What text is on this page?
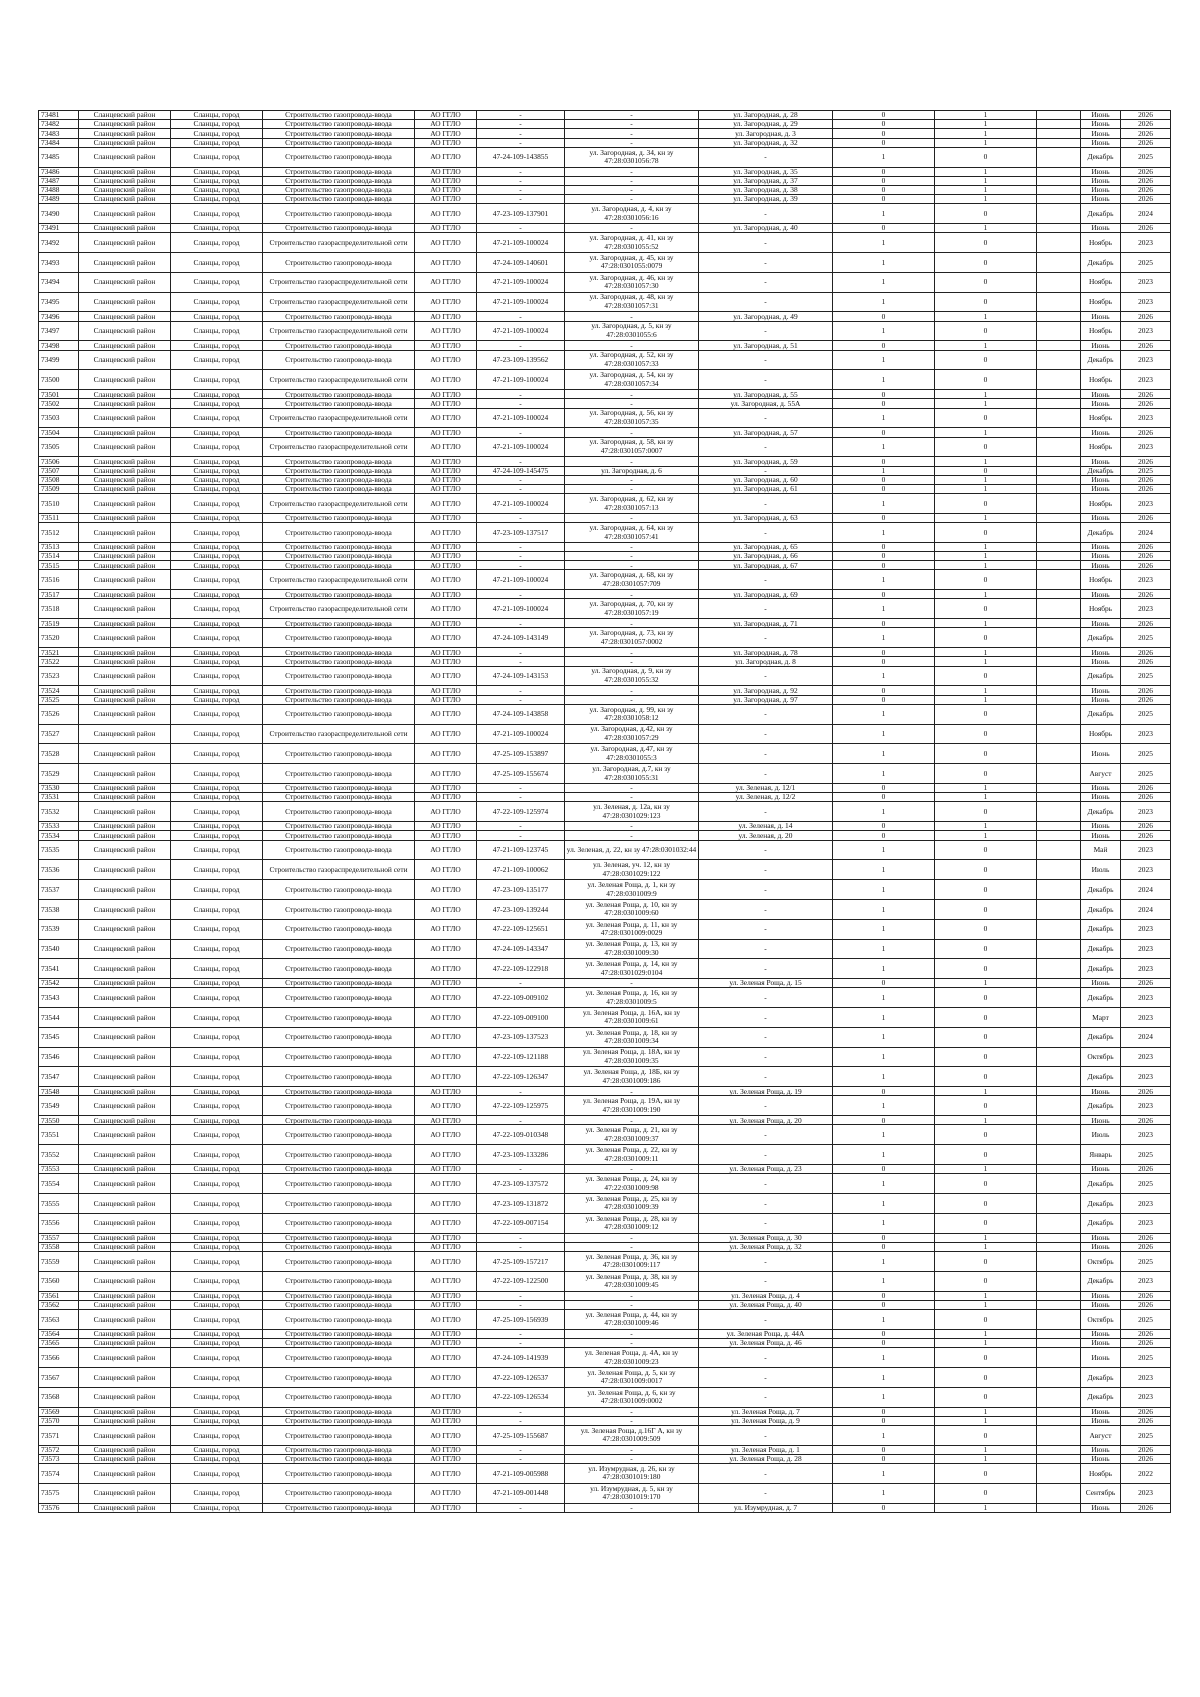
73481	Сланцевский район	Сланцы, город	Строительство газопровода-ввода	АО ГГЛО	-	-	ул. Загородная, д. 28	0	1		Июнь	2026
73482	Сланцевский район	Сланцы, город	Строительство газопровода-ввода	АО ГГЛО	-	-	ул. Загородная, д. 29	0	1		Июнь	2026
73483	Сланцевский район	Сланцы, город	Строительство газопровода-ввода	АО ГГЛО	-	-	ул. Загородная, д. 3	0	1		Июнь	2026
73484	Сланцевский район	Сланцы, город	Строительство газопровода-ввода	АО ГГЛО	-	-	ул. Загородная, д. 32	0	1		Июнь	2026
73485	Сланцевский район	Сланцы, город	Строительство газопровода-ввода	АО ГГЛО	47-24-109-143855	ул. Загородная, д. 34, кн зу 47:28:0301056:78	-	1	0		Декабрь	2025
73486	Сланцевский район	Сланцы, город	Строительство газопровода-ввода	АО ГГЛО	-	-	ул. Загородная, д. 35	0	1		Июнь	2026
73487	Сланцевский район	Сланцы, город	Строительство газопровода-ввода	АО ГГЛО	-	-	ул. Загородная, д. 37	0	1		Июнь	2026
73488	Сланцевский район	Сланцы, город	Строительство газопровода-ввода	АО ГГЛО	-	-	ул. Загородная, д. 38	0	1		Июнь	2026
73489	Сланцевский район	Сланцы, город	Строительство газопровода-ввода	АО ГГЛО	-	-	ул. Загородная, д. 39	0	1		Июнь	2026
73490	Сланцевский район	Сланцы, город	Строительство газопровода-ввода	АО ГГЛО	47-23-109-137901	ул. Загородная, д. 4, кн зу 47:28:0301056:16	-	1	0		Декабрь	2024
73491	Сланцевский район	Сланцы, город	Строительство газопровода-ввода	АО ГГЛО	-	-	ул. Загородная, д. 40	0	1		Июнь	2026
73492	Сланцевский район	Сланцы, город	Строительство газораспределительной сети	АО ГГЛО	47-21-109-100024	ул. Загородная, д. 41, кн зу 47:28:0301055:52	-	1	0		Ноябрь	2023
73493	Сланцевский район	Сланцы, город	Строительство газопровода-ввода	АО ГГЛО	47-24-109-140601	ул. Загородная, д. 45, кн зу 47:28:0301055:0079	-	1	0		Декабрь	2025
73494	Сланцевский район	Сланцы, город	Строительство газораспределительной сети	АО ГГЛО	47-21-109-100024	ул. Загородная, д. 46, кн зу 47:28:0301057:30	-	1	0		Ноябрь	2023
73495	Сланцевский район	Сланцы, город	Строительство газораспределительной сети	АО ГГЛО	47-21-109-100024	ул. Загородная, д. 48, кн зу 47:28:0301057:31	-	1	0		Ноябрь	2023
73496	Сланцевский район	Сланцы, город	Строительство газопровода-ввода	АО ГГЛО	-	-	ул. Загородная, д. 49	0	1		Июнь	2026
73497	Сланцевский район	Сланцы, город	Строительство газораспределительной сети	АО ГГЛО	47-21-109-100024	ул. Загородная, д. 5, кн зу 47:28:0301055:6	-	1	0		Ноябрь	2023
73498	Сланцевский район	Сланцы, город	Строительство газопровода-ввода	АО ГГЛО	-	-	ул. Загородная, д. 51	0	1		Июнь	2026
73499	Сланцевский район	Сланцы, город	Строительство газопровода-ввода	АО ГГЛО	47-23-109-139562	ул. Загородная, д. 52, кн зу 47:28:0301057:33	-	1	0		Декабрь	2023
73500	Сланцевский район	Сланцы, город	Строительство газораспределительной сети	АО ГГЛО	47-21-109-100024	ул. Загородная, д. 54, кн зу 47:28:0301057:34	-	1	0		Ноябрь	2023
73501	Сланцевский район	Сланцы, город	Строительство газопровода-ввода	АО ГГЛО	-	-	ул. Загородная, д. 55	0	1		Июнь	2026
73502	Сланцевский район	Сланцы, город	Строительство газопровода-ввода	АО ГГЛО	-	-	ул. Загородная, д. 55А	0	1		Июнь	2026
73503	Сланцевский район	Сланцы, город	Строительство газораспределительной сети	АО ГГЛО	47-21-109-100024	ул. Загородная, д. 56, кн зу 47:28:0301057:35	-	1	0		Ноябрь	2023
73504	Сланцевский район	Сланцы, город	Строительство газопровода-ввода	АО ГГЛО	-	-	ул. Загородная, д. 57	0	1		Июнь	2026
73505	Сланцевский район	Сланцы, город	Строительство газораспределительной сети	АО ГГЛО	47-21-109-100024	ул. Загородная, д. 58, кн зу 47:28:0301057:0007	-	1	0		Ноябрь	2023
73506	Сланцевский район	Сланцы, город	Строительство газопровода-ввода	АО ГГЛО	-	-	ул. Загородная, д. 59	0	1		Июнь	2026
73507	Сланцевский район	Сланцы, город	Строительство газопровода-ввода	АО ГГЛО	47-24-109-145475	ул. Загородная, д. 6	-	1	0		Декабрь	2025
73508	Сланцевский район	Сланцы, город	Строительство газопровода-ввода	АО ГГЛО	-	-	ул. Загородная, д. 60	0	1		Июнь	2026
73509	Сланцевский район	Сланцы, город	Строительство газопровода-ввода	АО ГГЛО	-	-	ул. Загородная, д. 61	0	1		Июнь	2026
73510	Сланцевский район	Сланцы, город	Строительство газораспределительной сети	АО ГГЛО	47-21-109-100024	ул. Загородная, д. 62, кн зу 47:28:0301057:13	-	1	0		Ноябрь	2023
73511	Сланцевский район	Сланцы, город	Строительство газопровода-ввода	АО ГГЛО	-	-	ул. Загородная, д. 63	0	1		Июнь	2026
73512	Сланцевский район	Сланцы, город	Строительство газопровода-ввода	АО ГГЛО	47-23-109-137517	ул. Загородная, д. 64, кн зу 47:28:0301057:41	-	1	0		Декабрь	2024
73513	Сланцевский район	Сланцы, город	Строительство газопровода-ввода	АО ГГЛО	-	-	ул. Загородная, д. 65	0	1		Июнь	2026
73514	Сланцевский район	Сланцы, город	Строительство газопровода-ввода	АО ГГЛО	-	-	ул. Загородная, д. 66	0	1		Июнь	2026
73515	Сланцевский район	Сланцы, город	Строительство газопровода-ввода	АО ГГЛО	-	-	ул. Загородная, д. 67	0	1		Июнь	2026
73516	Сланцевский район	Сланцы, город	Строительство газораспределительной сети	АО ГГЛО	47-21-109-100024	ул. Загородная, д. 68, кн зу 47:28:0301057:709	-	1	0		Ноябрь	2023
73517	Сланцевский район	Сланцы, город	Строительство газопровода-ввода	АО ГГЛО	-	-	ул. Загородная, д. 69	0	1		Июнь	2026
73518	Сланцевский район	Сланцы, город	Строительство газораспределительной сети	АО ГГЛО	47-21-109-100024	ул. Загородная, д. 70, кн зу 47:28:0301057:19	-	1	0		Ноябрь	2023
73519	Сланцевский район	Сланцы, город	Строительство газопровода-ввода	АО ГГЛО	-	-	ул. Загородная, д. 71	0	1		Июнь	2026
73520	Сланцевский район	Сланцы, город	Строительство газопровода-ввода	АО ГГЛО	47-24-109-143149	ул. Загородная, д. 73, кн зу 47:28:0301057:0002	-	1	0		Декабрь	2025
73521	Сланцевский район	Сланцы, город	Строительство газопровода-ввода	АО ГГЛО	-	-	ул. Загородная, д. 78	0	1		Июнь	2026
73522	Сланцевский район	Сланцы, город	Строительство газопровода-ввода	АО ГГЛО	-	-	ул. Загородная, д. 8	0	1		Июнь	2026
73523	Сланцевский район	Сланцы, город	Строительство газопровода-ввода	АО ГГЛО	47-24-109-143153	ул. Загородная, д. 9, кн зу 47:28:0301055:32	-	1	0		Декабрь	2025
73524	Сланцевский район	Сланцы, город	Строительство газопровода-ввода	АО ГГЛО	-	-	ул. Загородная, д. 92	0	1		Июнь	2026
73525	Сланцевский район	Сланцы, город	Строительство газопровода-ввода	АО ГГЛО	-	-	ул. Загородная, д. 97	0	1		Июнь	2026
73526	Сланцевский район	Сланцы, город	Строительство газопровода-ввода	АО ГГЛО	47-24-109-143858	ул. Загородная, д. 99, кн зу 47:28:0301058:12	-	1	0		Декабрь	2025
73527	Сланцевский район	Сланцы, город	Строительство газораспределительной сети	АО ГГЛО	47-21-109-100024	ул. Загородная, д.42, кн зу 47:28:0301057:29	-	1	0		Ноябрь	2023
73528	Сланцевский район	Сланцы, город	Строительство газопровода-ввода	АО ГГЛО	47-25-109-153897	ул. Загородная, д.47, кн зу 47:28:0301055:3	-	1	0		Июнь	2025
73529	Сланцевский район	Сланцы, город	Строительство газопровода-ввода	АО ГГЛО	47-25-109-155674	ул. Загородная, д.7, кн зу 47:28:0301055:31	-	1	0		Август	2025
73530	Сланцевский район	Сланцы, город	Строительство газопровода-ввода	АО ГГЛО	-	-	ул. Зеленая, д. 12/1	0	1		Июнь	2026
73531	Сланцевский район	Сланцы, город	Строительство газопровода-ввода	АО ГГЛО	-	-	ул. Зеленая, д. 12/2	0	1		Июнь	2026
73532	Сланцевский район	Сланцы, город	Строительство газопровода-ввода	АО ГГЛО	47-22-109-125974	ул. Зеленая, д. 12а, кн зу 47:28:0301029:123	-	1	0		Декабрь	2023
73533	Сланцевский район	Сланцы, город	Строительство газопровода-ввода	АО ГГЛО	-	-	ул. Зеленая, д. 14	0	1		Июнь	2026
73534	Сланцевский район	Сланцы, город	Строительство газопровода-ввода	АО ГГЛО	-	-	ул. Зеленая, д. 20	0	1		Июнь	2026
73535	Сланцевский район	Сланцы, город	Строительство газопровода-ввода	АО ГГЛО	47-21-109-123745	ул. Зеленая, д. 22, кн зу 47:28:0301032:44	-	1	0		Май	2023
73536	Сланцевский район	Сланцы, город	Строительство газораспределительной сети	АО ГГЛО	47-21-109-100062	ул. Зеленая, уч. 12, кн зу 47:28:0301029:122	-	1	0		Июль	2023
73537	Сланцевский район	Сланцы, город	Строительство газопровода-ввода	АО ГГЛО	47-23-109-135177	ул. Зеленая Роща, д. 1, кн зу 47:28:0301009:9	-	1	0		Декабрь	2024
73538	Сланцевский район	Сланцы, город	Строительство газопровода-ввода	АО ГГЛО	47-23-109-139244	ул. Зеленая Роща, д. 10, кн зу 47:28:0301009:60	-	1	0		Декабрь	2024
73539	Сланцевский район	Сланцы, город	Строительство газопровода-ввода	АО ГГЛО	47-22-109-125651	ул. Зеленая Роща, д. 11, кн зу 47:28:0301009:0029	-	1	0		Декабрь	2023
73540	Сланцевский район	Сланцы, город	Строительство газопровода-ввода	АО ГГЛО	47-24-109-143347	ул. Зеленая Роща, д. 13, кн зу 47:28:0301009:30	-	1	0		Декабрь	2023
73541	Сланцевский район	Сланцы, город	Строительство газопровода-ввода	АО ГГЛО	47-22-109-122918	ул. Зеленая Роща, д. 14, кн зу 47:28:0301029:0104	-	1	0		Декабрь	2023
73542	Сланцевский район	Сланцы, город	Строительство газопровода-ввода	АО ГГЛО	-	-	ул. Зеленая Роща, д. 15	0	1		Июнь	2026
73543	Сланцевский район	Сланцы, город	Строительство газопровода-ввода	АО ГГЛО	47-22-109-009102	ул. Зеленая Роща, д. 16, кн зу 47:28:0301009:5	-	1	0		Декабрь	2023
73544	Сланцевский район	Сланцы, город	Строительство газопровода-ввода	АО ГГЛО	47-22-109-009100	ул. Зеленая Роща, д. 16А, кн зу 47:28:0301009:61	-	1	0		Март	2023
73545	Сланцевский район	Сланцы, город	Строительство газопровода-ввода	АО ГГЛО	47-23-109-137523	ул. Зеленая Роща, д. 18, кн зу 47:28:0301009:34	-	1	0		Декабрь	2024
73546	Сланцевский район	Сланцы, город	Строительство газопровода-ввода	АО ГГЛО	47-22-109-121188	ул. Зеленая Роща, д. 18А, кн зу 47:28:0301009:35	-	1	0		Октябрь	2023
73547	Сланцевский район	Сланцы, город	Строительство газопровода-ввода	АО ГГЛО	47-22-109-126347	ул. Зеленая Роща, д. 18Б, кн зу 47:28:0301009:186	-	1	0		Декабрь	2023
73548	Сланцевский район	Сланцы, город	Строительство газопровода-ввода	АО ГГЛО	-	-	ул. Зеленая Роща, д. 19	0	1		Июнь	2026
73549	Сланцевский район	Сланцы, город	Строительство газопровода-ввода	АО ГГЛО	47-22-109-125975	ул. Зеленая Роща, д. 19А, кн зу 47:28:0301009:190	-	1	0		Декабрь	2023
73550	Сланцевский район	Сланцы, город	Строительство газопровода-ввода	АО ГГЛО	-	-	ул. Зеленая Роща, д. 20	0	1		Июнь	2026
73551	Сланцевский район	Сланцы, город	Строительство газопровода-ввода	АО ГГЛО	47-22-109-010348	ул. Зеленая Роща, д. 21, кн зу 47:28:0301009:37	-	1	0		Июль	2023
73552	Сланцевский район	Сланцы, город	Строительство газопровода-ввода	АО ГГЛО	47-23-109-133286	ул. Зеленая Роща, д. 22, кн зу 47:28:0301009:11	-	1	0		Январь	2025
73553	Сланцевский район	Сланцы, город	Строительство газопровода-ввода	АО ГГЛО	-	-	ул. Зеленая Роща, д. 23	0	1		Июнь	2026
73554	Сланцевский район	Сланцы, город	Строительство газопровода-ввода	АО ГГЛО	47-23-109-137572	ул. Зеленая Роща, д. 24, кн зу 47:22:0301009:98	-	1	0		Декабрь	2025
73555	Сланцевский район	Сланцы, город	Строительство газопровода-ввода	АО ГГЛО	47-23-109-131872	ул. Зеленая Роща, д. 25, кн зу 47:28:0301009:39	-	1	0		Декабрь	2023
73556	Сланцевский район	Сланцы, город	Строительство газопровода-ввода	АО ГГЛО	47-22-109-007154	ул. Зеленая Роща, д. 28, кн зу 47:28:0301009:12	-	1	0		Декабрь	2023
73557	Сланцевский район	Сланцы, город	Строительство газопровода-ввода	АО ГГЛО	-	-	ул. Зеленая Роща, д. 30	0	1		Июнь	2026
73558	Сланцевский район	Сланцы, город	Строительство газопровода-ввода	АО ГГЛО	-	-	ул. Зеленая Роща, д. 32	0	1		Июнь	2026
73559	Сланцевский район	Сланцы, город	Строительство газопровода-ввода	АО ГГЛО	47-25-109-157217	ул. Зеленая Роща, д. 36, кн зу 47:28:0301009:117	-	1	0		Октябрь	2025
73560	Сланцевский район	Сланцы, город	Строительство газопровода-ввода	АО ГГЛО	47-22-109-122500	ул. Зеленая Роща, д. 38, кн зу 47:28:0301009:45	-	1	0		Декабрь	2023
73561	Сланцевский район	Сланцы, город	Строительство газопровода-ввода	АО ГГЛО	-	-	ул. Зеленая Роща, д. 4	0	1		Июнь	2026
73562	Сланцевский район	Сланцы, город	Строительство газопровода-ввода	АО ГГЛО	-	-	ул. Зеленая Роща, д. 40	0	1		Июнь	2026
73563	Сланцевский район	Сланцы, город	Строительство газопровода-ввода	АО ГГЛО	47-25-109-156939	ул. Зеленая Роща, д. 44, кн зу 47:28:0301009:46	-	1	0		Октябрь	2025
73564	Сланцевский район	Сланцы, город	Строительство газопровода-ввода	АО ГГЛО	-	-	ул. Зеленая Роща, д. 44А	0	1		Июнь	2026
73565	Сланцевский район	Сланцы, город	Строительство газопровода-ввода	АО ГГЛО	-	-	ул. Зеленая Роща, д. 46	0	1		Июнь	2026
73566	Сланцевский район	Сланцы, город	Строительство газопровода-ввода	АО ГГЛО	47-24-109-141939	ул. Зеленая Роща, д. 4А, кн зу 47:28:0301009:23	-	1	0		Июнь	2025
73567	Сланцевский район	Сланцы, город	Строительство газопровода-ввода	АО ГГЛО	47-22-109-126537	ул. Зеленая Роща, д. 5, кн зу 47:28:0301009:0017	-	1	0		Декабрь	2023
73568	Сланцевский район	Сланцы, город	Строительство газопровода-ввода	АО ГГЛО	47-22-109-126534	ул. Зеленая Роща, д. 6, кн зу 47:28:0301009:0002	-	1	0		Декабрь	2023
73569	Сланцевский район	Сланцы, город	Строительство газопровода-ввода	АО ГГЛО	-	-	ул. Зеленая Роща, д. 7	0	1		Июнь	2026
73570	Сланцевский район	Сланцы, город	Строительство газопровода-ввода	АО ГГЛО	-	-	ул. Зеленая Роща, д. 9	0	1		Июнь	2026
73571	Сланцевский район	Сланцы, город	Строительство газопровода-ввода	АО ГГЛО	47-25-109-155687	ул. Зеленая Роща, д.16Г А, кн зу 47:28:0301009:509	-	1	0		Август	2025
73572	Сланцевский район	Сланцы, город	Строительство газопровода-ввода	АО ГГЛО	-	-	ул. Зеленая Роща, д. 1	0	1		Июнь	2026
73573	Сланцевский район	Сланцы, город	Строительство газопровода-ввода	АО ГГЛО	-	-	ул. Зеленая Роща, д. 28	0	1		Июнь	2026
73574	Сланцевский район	Сланцы, город	Строительство газопровода-ввода	АО ГГЛО	47-21-109-005988	ул. Изумрудная, д. 26, кн зу 47:28:0301019:180	-	1	0		Ноябрь	2022
73575	Сланцевский район	Сланцы, город	Строительство газопровода-ввода	АО ГГЛО	47-21-109-001448	ул. Изумрудная, д. 5, кн зу 47:28:0301019:170	-	1	0		Сентябрь	2023
73576	Сланцевский район	Сланцы, город	Строительство газопровода-ввода	АО ГГЛО	-	-	ул. Изумрудная, д. 7	0	1		Июнь	2026
